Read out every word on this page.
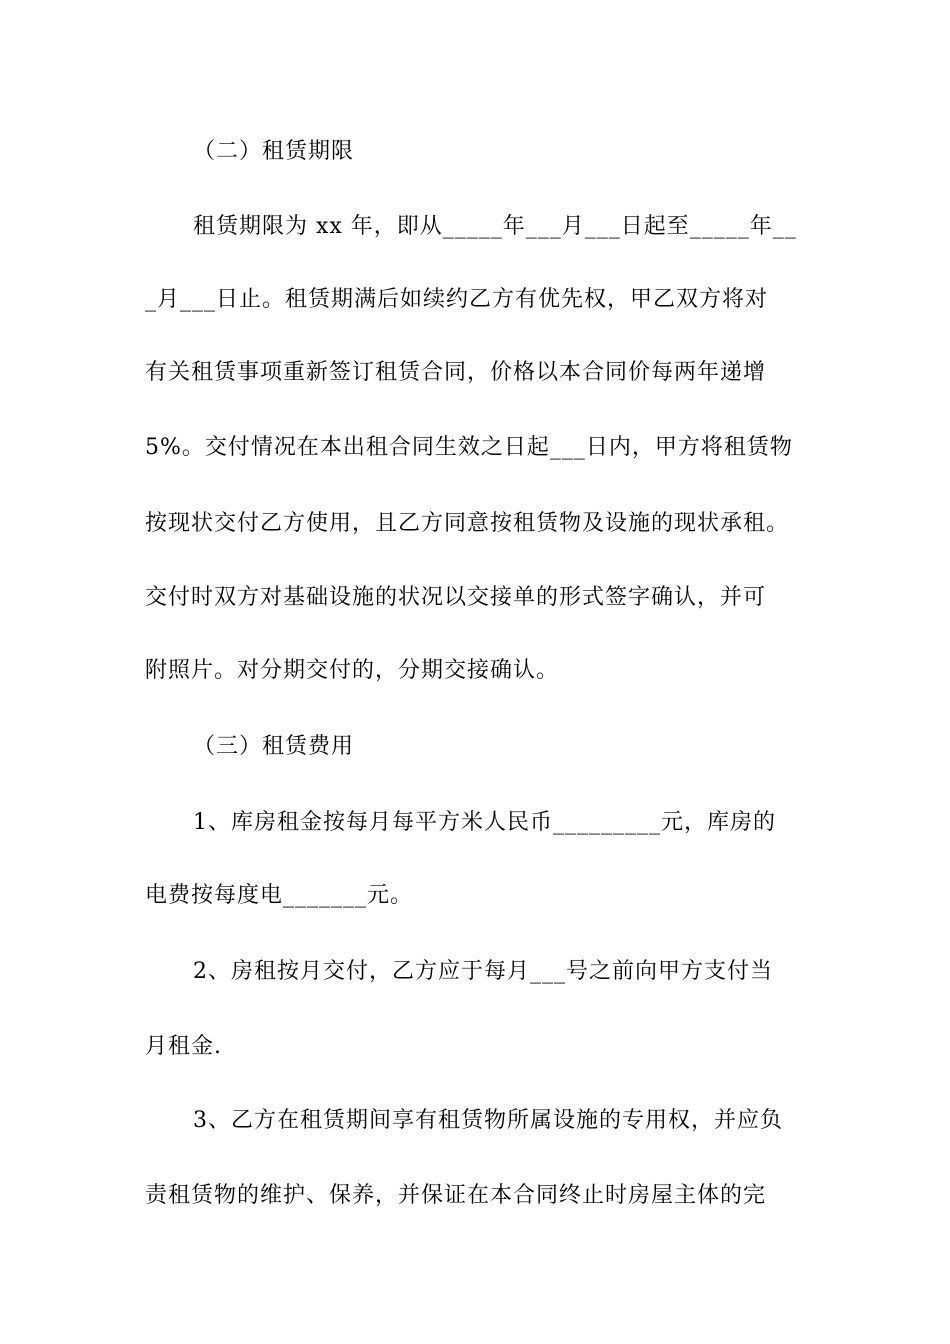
（二）租赁期限
租赁期限为 xx 年，即从_____年___月___日起至_____年__
_月___日止。租赁期满后如续约乙方有优先权，甲乙双方将对
有关租赁事项重新签订租赁合同，价格以本合同价每两年递增
5%。交付情况在本出租合同生效之日起___日内，甲方将租赁物
按现状交付乙方使用，且乙方同意按租赁物及设施的现状承租。
交付时双方对基础设施的状况以交接单的形式签字确认，并可
附照片。对分期交付的，分期交接确认。
（三）租赁费用
1、库房租金按每月每平方米人民币_________元，库房的
电费按每度电_______元。
2、房租按月交付，乙方应于每月___号之前向甲方支付当
月租金.
3、乙方在租赁期间享有租赁物所属设施的专用权，并应负
责租赁物的维护、保养，并保证在本合同终止时房屋主体的完
